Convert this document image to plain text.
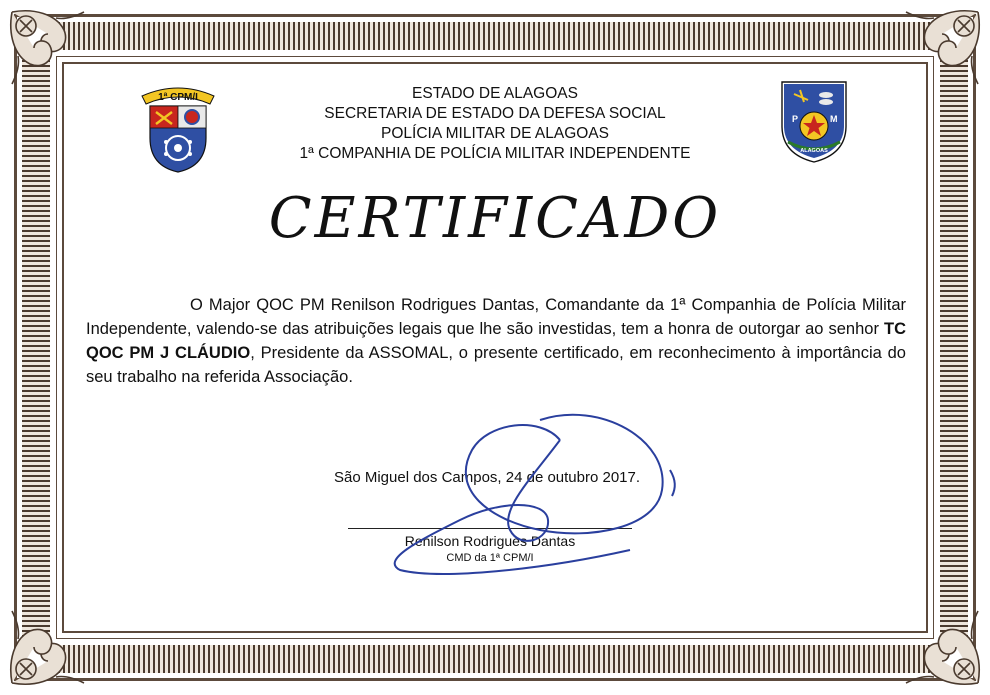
1ª CPM/I
P	M
ALAGOAS
ESTADO DE ALAGOAS
SECRETARIA DE ESTADO DA DEFESA SOCIAL
POLÍCIA MILITAR DE ALAGOAS
1ª COMPANHIA DE POLÍCIA MILITAR INDEPENDENTE
CERTIFICADO
O Major QOC PM Renilson Rodrigues Dantas, Comandante da 1ª Companhia de Polícia Militar Independente, valendo-se das atribuições legais que lhe são investidas, tem a honra de outorgar ao senhor TC QOC PM J CLÁUDIO, Presidente da ASSOMAL, o presente certificado, em reconhecimento à importância do seu trabalho na referida Associação.
São Miguel dos Campos, 24 de outubro 2017.
Renilson Rodrigues Dantas
CMD da 1ª CPM/I
